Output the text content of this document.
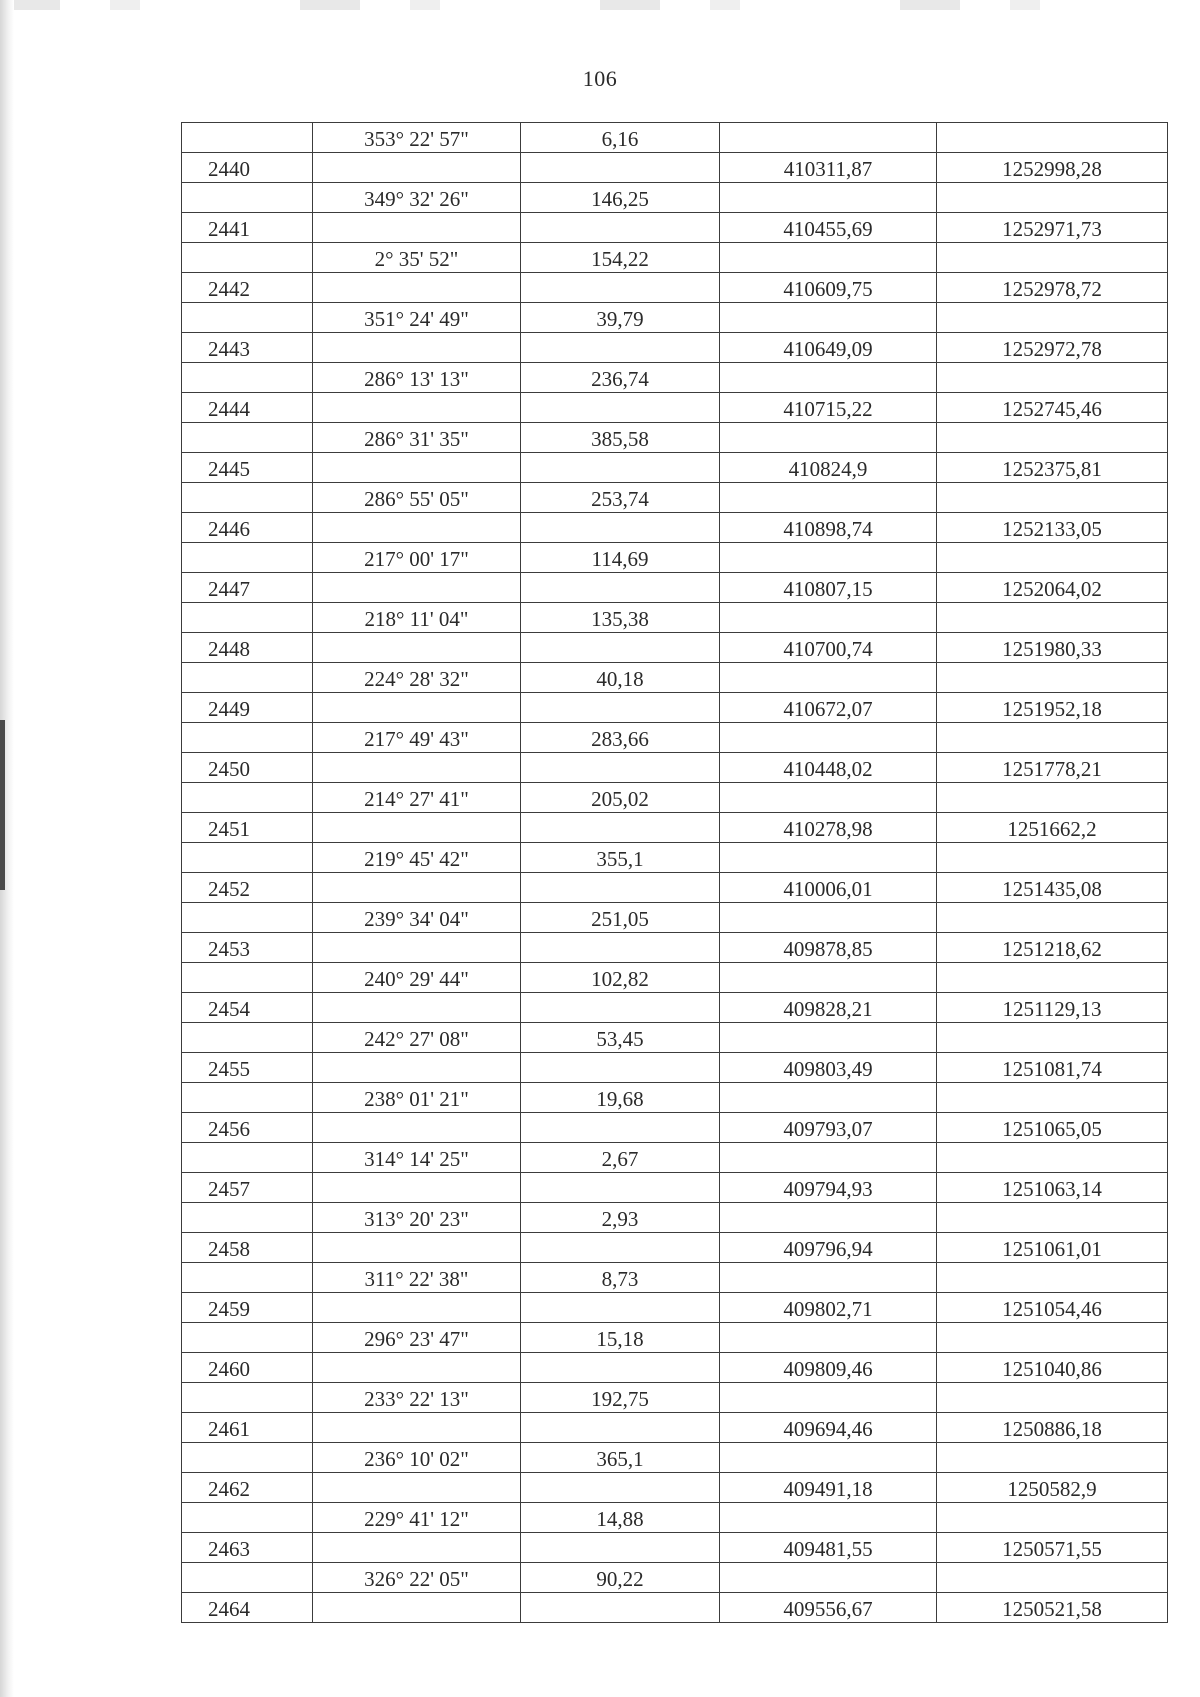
106
	353° 22' 57"	6,16		
2440			410311,87	1252998,28
	349° 32' 26"	146,25		
2441			410455,69	1252971,73
	2° 35' 52"	154,22		
2442			410609,75	1252978,72
	351° 24' 49"	39,79		
2443			410649,09	1252972,78
	286° 13' 13"	236,74		
2444			410715,22	1252745,46
	286° 31' 35"	385,58		
2445			410824,9	1252375,81
	286° 55' 05"	253,74		
2446			410898,74	1252133,05
	217° 00' 17"	114,69		
2447			410807,15	1252064,02
	218° 11' 04"	135,38		
2448			410700,74	1251980,33
	224° 28' 32"	40,18		
2449			410672,07	1251952,18
	217° 49' 43"	283,66		
2450			410448,02	1251778,21
	214° 27' 41"	205,02		
2451			410278,98	1251662,2
	219° 45' 42"	355,1		
2452			410006,01	1251435,08
	239° 34' 04"	251,05		
2453			409878,85	1251218,62
	240° 29' 44"	102,82		
2454			409828,21	1251129,13
	242° 27' 08"	53,45		
2455			409803,49	1251081,74
	238° 01' 21"	19,68		
2456			409793,07	1251065,05
	314° 14' 25"	2,67		
2457			409794,93	1251063,14
	313° 20' 23"	2,93		
2458			409796,94	1251061,01
	311° 22' 38"	8,73		
2459			409802,71	1251054,46
	296° 23' 47"	15,18		
2460			409809,46	1251040,86
	233° 22' 13"	192,75		
2461			409694,46	1250886,18
	236° 10' 02"	365,1		
2462			409491,18	1250582,9
	229° 41' 12"	14,88		
2463			409481,55	1250571,55
	326° 22' 05"	90,22		
2464			409556,67	1250521,58
